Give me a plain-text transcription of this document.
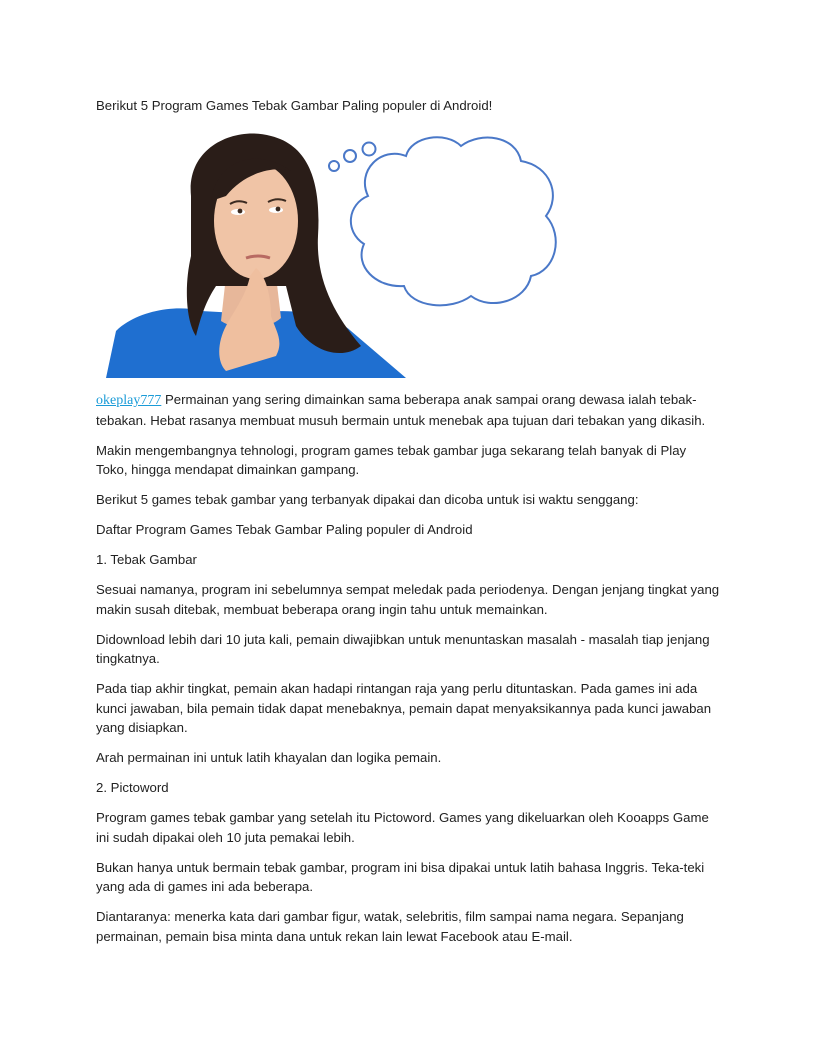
Berikut 5 Program Games Tebak Gambar Paling populer di Android!

okeplay777 Permainan yang sering dimainkan sama beberapa anak sampai orang dewasa ialah tebak-tebakan. Hebat rasanya membuat musuh bermain untuk menebak apa tujuan dari tebakan yang dikasih.

Makin mengembangnya tehnologi, program games tebak gambar juga sekarang telah banyak di Play Toko, hingga mendapat dimainkan gampang.

Berikut 5 games tebak gambar yang terbanyak dipakai dan dicoba untuk isi waktu senggang:

Daftar Program Games Tebak Gambar Paling populer di Android

1. Tebak Gambar

Sesuai namanya, program ini sebelumnya sempat meledak pada periodenya. Dengan jenjang tingkat yang makin susah ditebak, membuat beberapa orang ingin tahu untuk memainkan.

Didownload lebih dari 10 juta kali, pemain diwajibkan untuk menuntaskan masalah - masalah tiap jenjang tingkatnya.

Pada tiap akhir tingkat, pemain akan hadapi rintangan raja yang perlu dituntaskan. Pada games ini ada kunci jawaban, bila pemain tidak dapat menebaknya, pemain dapat menyaksikannya pada kunci jawaban yang disiapkan.

Arah permainan ini untuk latih khayalan dan logika pemain.

2. Pictoword

Program games tebak gambar yang setelah itu Pictoword. Games yang dikeluarkan oleh Kooapps Game ini sudah dipakai oleh 10 juta pemakai lebih.

Bukan hanya untuk bermain tebak gambar, program ini bisa dipakai untuk latih bahasa Inggris. Teka-teki yang ada di games ini ada beberapa.

Diantaranya: menerka kata dari gambar figur, watak, selebritis, film sampai nama negara. Sepanjang permainan, pemain bisa minta dana untuk rekan lain lewat Facebook atau E-mail.
